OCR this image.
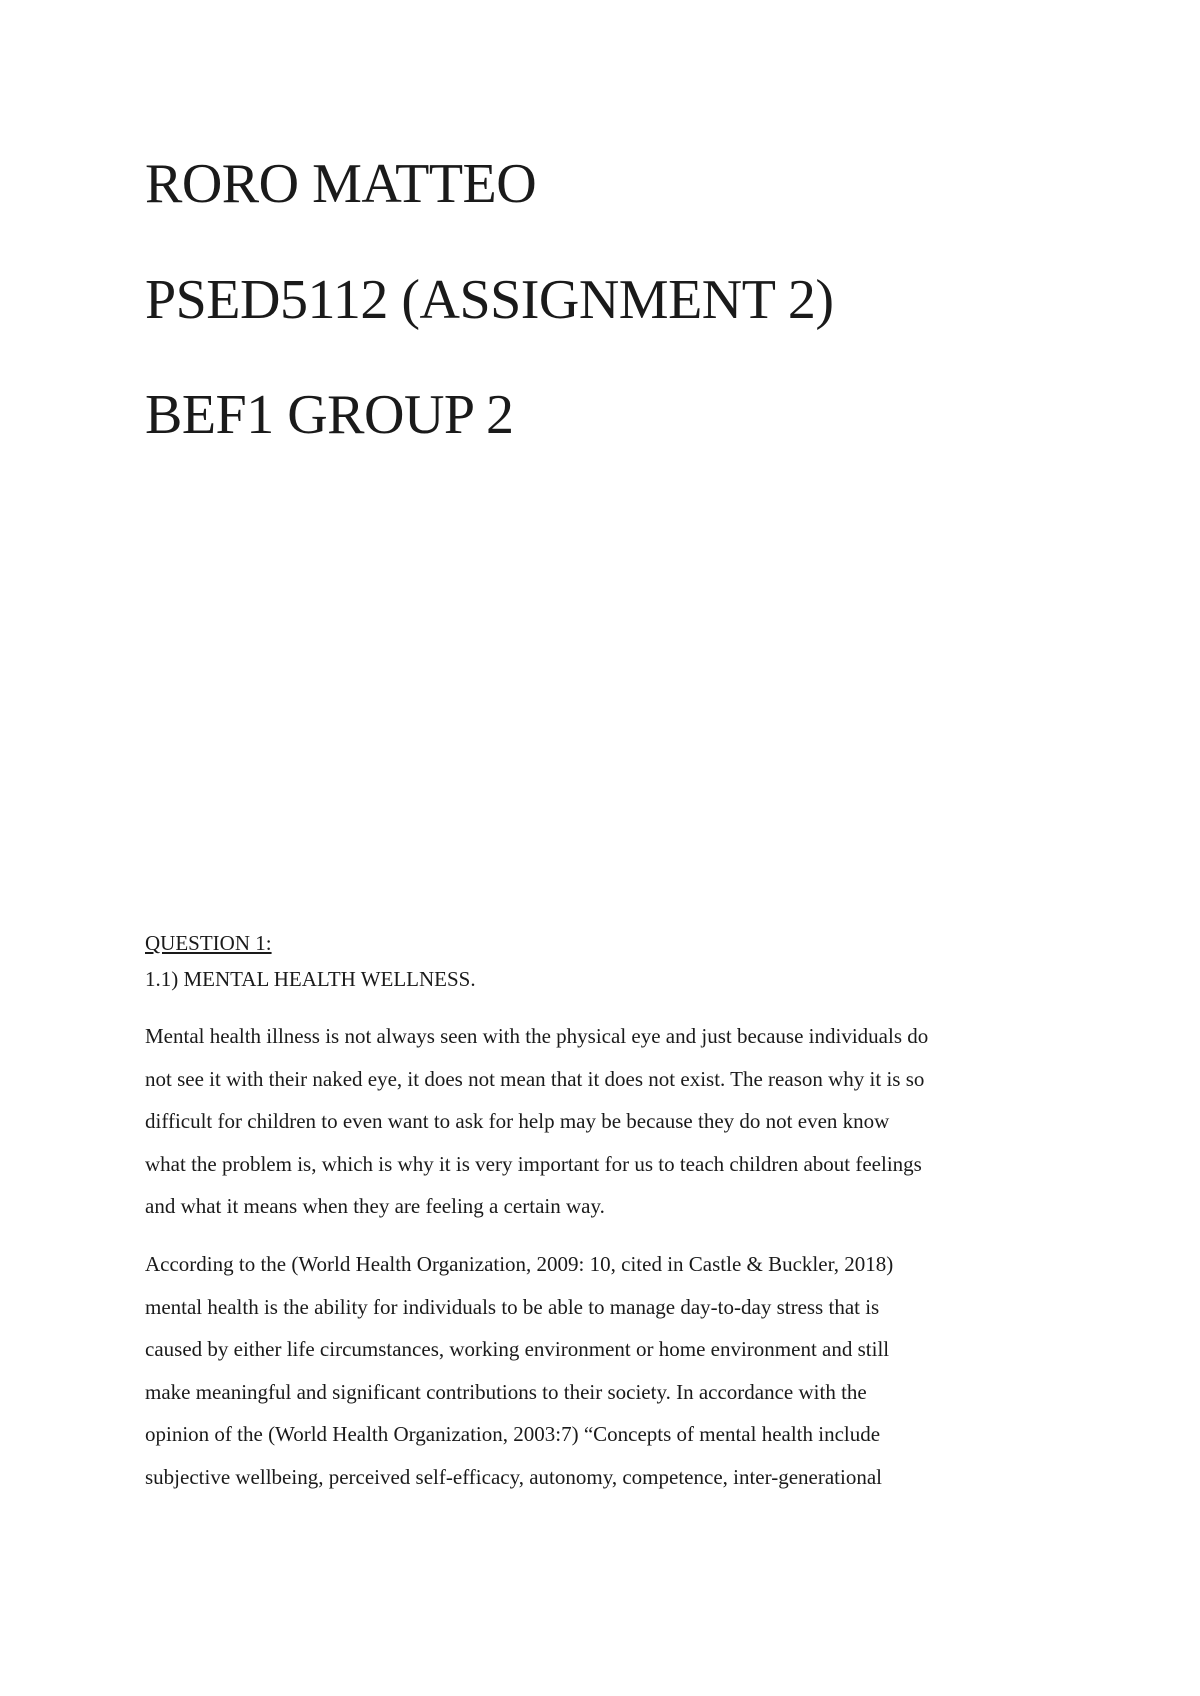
RORO MATTEO
PSED5112 (ASSIGNMENT 2)
BEF1 GROUP 2
QUESTION 1:
1.1) MENTAL HEALTH WELLNESS.

Mental health illness is not always seen with the physical eye and just because individuals do
not see it with their naked eye, it does not mean that it does not exist. The reason why it is so
difficult for children to even want to ask for help may be because they do not even know
what the problem is, which is why it is very important for us to teach children about feelings
and what it means when they are feeling a certain way.

According to the (World Health Organization, 2009: 10, cited in Castle & Buckler, 2018)
mental health is the ability for individuals to be able to manage day-to-day stress that is
caused by either life circumstances, working environment or home environment and still
make meaningful and significant contributions to their society. In accordance with the
opinion of the (World Health Organization, 2003:7) “Concepts of mental health include
subjective wellbeing, perceived self-efficacy, autonomy, competence, inter-generational
